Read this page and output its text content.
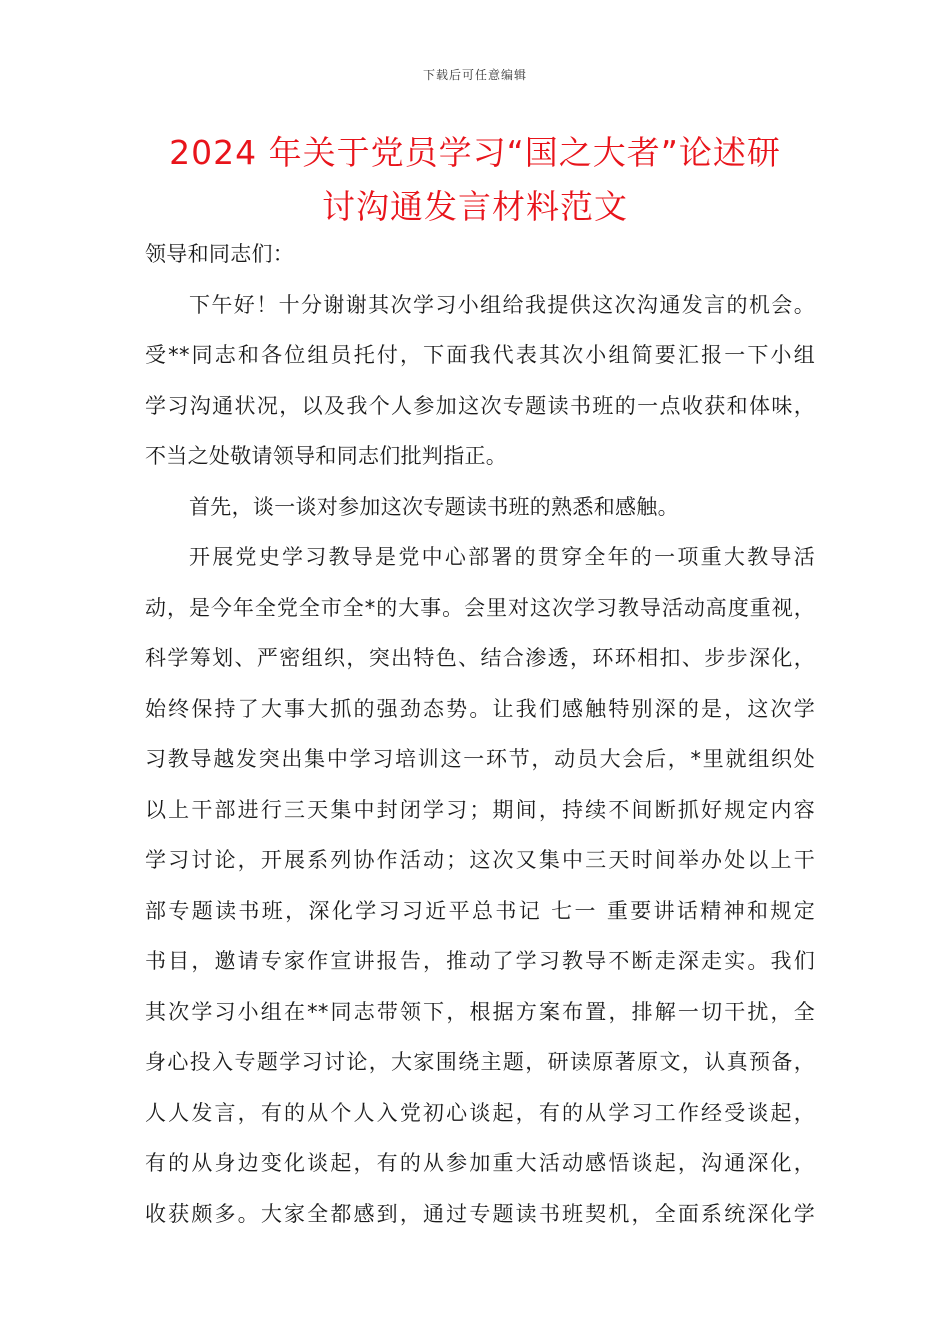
下载后可任意编辑
2024 年关于党员学习“国之大者”论述研
讨沟通发言材料范文
领导和同志们：
下午好！十分谢谢其次学习小组给我提供这次沟通发言的机会。
受**同志和各位组员托付，下面我代表其次小组简要汇报一下小组
学习沟通状况，以及我个人参加这次专题读书班的一点收获和体味，
不当之处敬请领导和同志们批判指正。
首先，谈一谈对参加这次专题读书班的熟悉和感触。
开展党史学习教导是党中心部署的贯穿全年的一项重大教导活
动，是今年全党全市全*的大事。会里对这次学习教导活动高度重视，
科学筹划、严密组织，突出特色、结合渗透，环环相扣、步步深化，
始终保持了大事大抓的强劲态势。让我们感触特别深的是，这次学
习教导越发突出集中学习培训这一环节，动员大会后，*里就组织处
以上干部进行三天集中封闭学习；期间，持续不间断抓好规定内容
学习讨论，开展系列协作活动；这次又集中三天时间举办处以上干
部专题读书班，深化学习习近平总书记 七一 重要讲话精神和规定
书目，邀请专家作宣讲报告，推动了学习教导不断走深走实。我们
其次学习小组在**同志带领下，根据方案布置，排解一切干扰，全
身心投入专题学习讨论，大家围绕主题，研读原著原文，认真预备，
人人发言，有的从个人入党初心谈起，有的从学习工作经受谈起，
有的从身边变化谈起，有的从参加重大活动感悟谈起，沟通深化，
收获颇多。大家全都感到，通过专题读书班契机，全面系统深化学
